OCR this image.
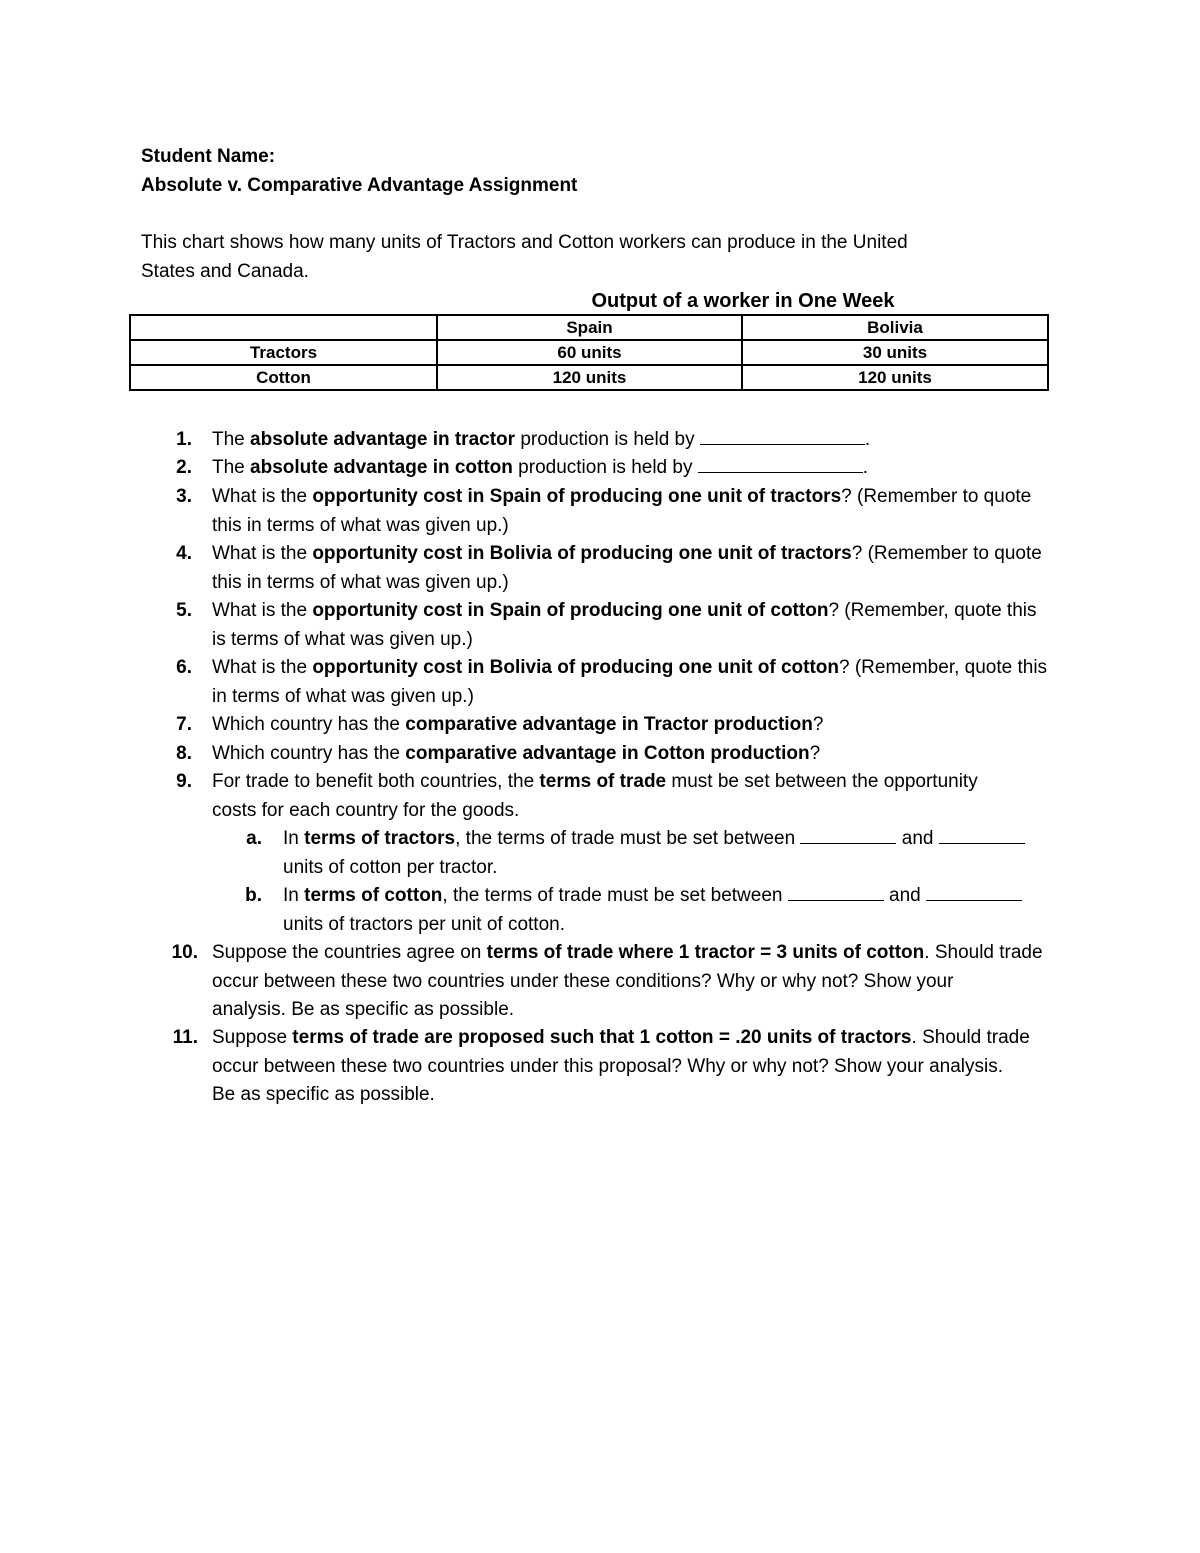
Student Name:
Absolute v. Comparative Advantage Assignment
This chart shows how many units of Tractors and Cotton workers can produce in the United
States and Canada.
Output of a worker in One Week
	Spain	Bolivia
Tractors	60 units	30 units
Cotton	120 units	120 units
1. The absolute advantage in tractor production is held by	.
2. The absolute advantage in cotton production is held by	.
3. What is the opportunity cost in Spain of producing one unit of tractors? (Remember to quote
this in terms of what was given up.)
4. What is the opportunity cost in Bolivia of producing one unit of tractors? (Remember to quote
this in terms of what was given up.)
5. What is the opportunity cost in Spain of producing one unit of cotton? (Remember, quote this
is terms of what was given up.)
6. What is the opportunity cost in Bolivia of producing one unit of cotton? (Remember, quote this
in terms of what was given up.)
7. Which country has the comparative advantage in Tractor production?
8. Which country has the comparative advantage in Cotton production?
9. For trade to benefit both countries, the terms of trade must be set between the opportunity
costs for each country for the goods.
a. In terms of tractors, the terms of trade must be set between	and
units of cotton per tractor.
b. In terms of cotton, the terms of trade must be set between	and
units of tractors per unit of cotton.
10. Suppose the countries agree on terms of trade where 1 tractor = 3 units of cotton. Should trade
occur between these two countries under these conditions? Why or why not? Show your
analysis. Be as specific as possible.
11. Suppose terms of trade are proposed such that 1 cotton = .20 units of tractors. Should trade
occur between these two countries under this proposal? Why or why not? Show your analysis.
Be as specific as possible.
